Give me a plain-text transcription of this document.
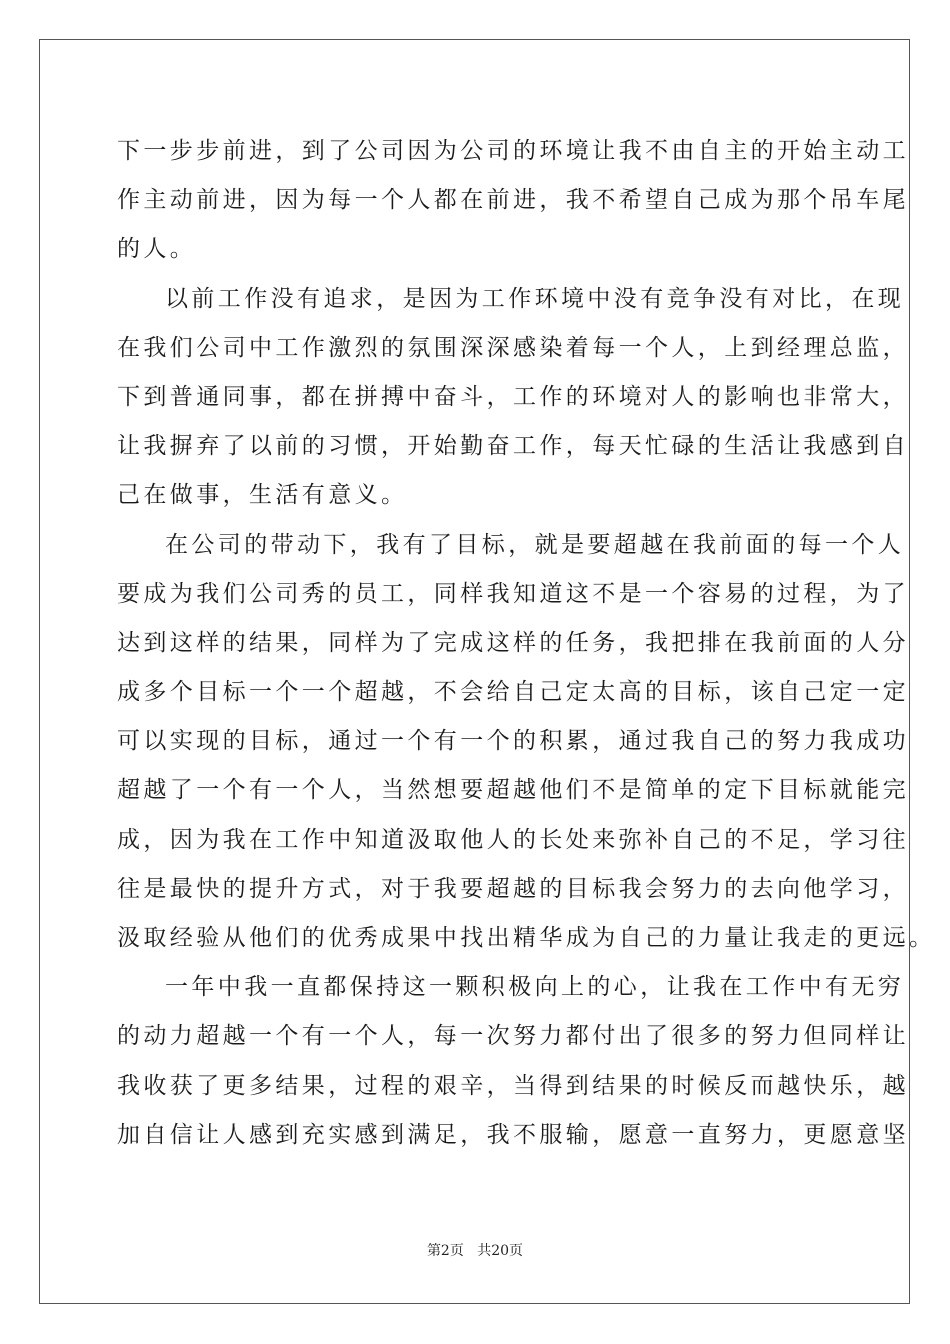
下一步步前进，到了公司因为公司的环境让我不由自主的开始主动工
作主动前进，因为每一个人都在前进，我不希望自己成为那个吊车尾
的人。
以前工作没有追求，是因为工作环境中没有竞争没有对比，在现
在我们公司中工作激烈的氛围深深感染着每一个人，上到经理总监，
下到普通同事，都在拼搏中奋斗，工作的环境对人的影响也非常大，
让我摒弃了以前的习惯，开始勤奋工作，每天忙碌的生活让我感到自
己在做事，生活有意义。
在公司的带动下，我有了目标，就是要超越在我前面的每一个人
要成为我们公司秀的员工，同样我知道这不是一个容易的过程，为了
达到这样的结果，同样为了完成这样的任务，我把排在我前面的人分
成多个目标一个一个超越，不会给自己定太高的目标，该自己定一定
可以实现的目标，通过一个有一个的积累，通过我自己的努力我成功
超越了一个有一个人，当然想要超越他们不是简单的定下目标就能完
成，因为我在工作中知道汲取他人的长处来弥补自己的不足，学习往
往是最快的提升方式，对于我要超越的目标我会努力的去向他学习，
汲取经验从他们的优秀成果中找出精华成为自己的力量让我走的更远。
一年中我一直都保持这一颗积极向上的心，让我在工作中有无穷
的动力超越一个有一个人，每一次努力都付出了很多的努力但同样让
我收获了更多结果，过程的艰辛，当得到结果的时候反而越快乐，越
加自信让人感到充实感到满足，我不服输，愿意一直努力，更愿意坚
第2页 共20页
